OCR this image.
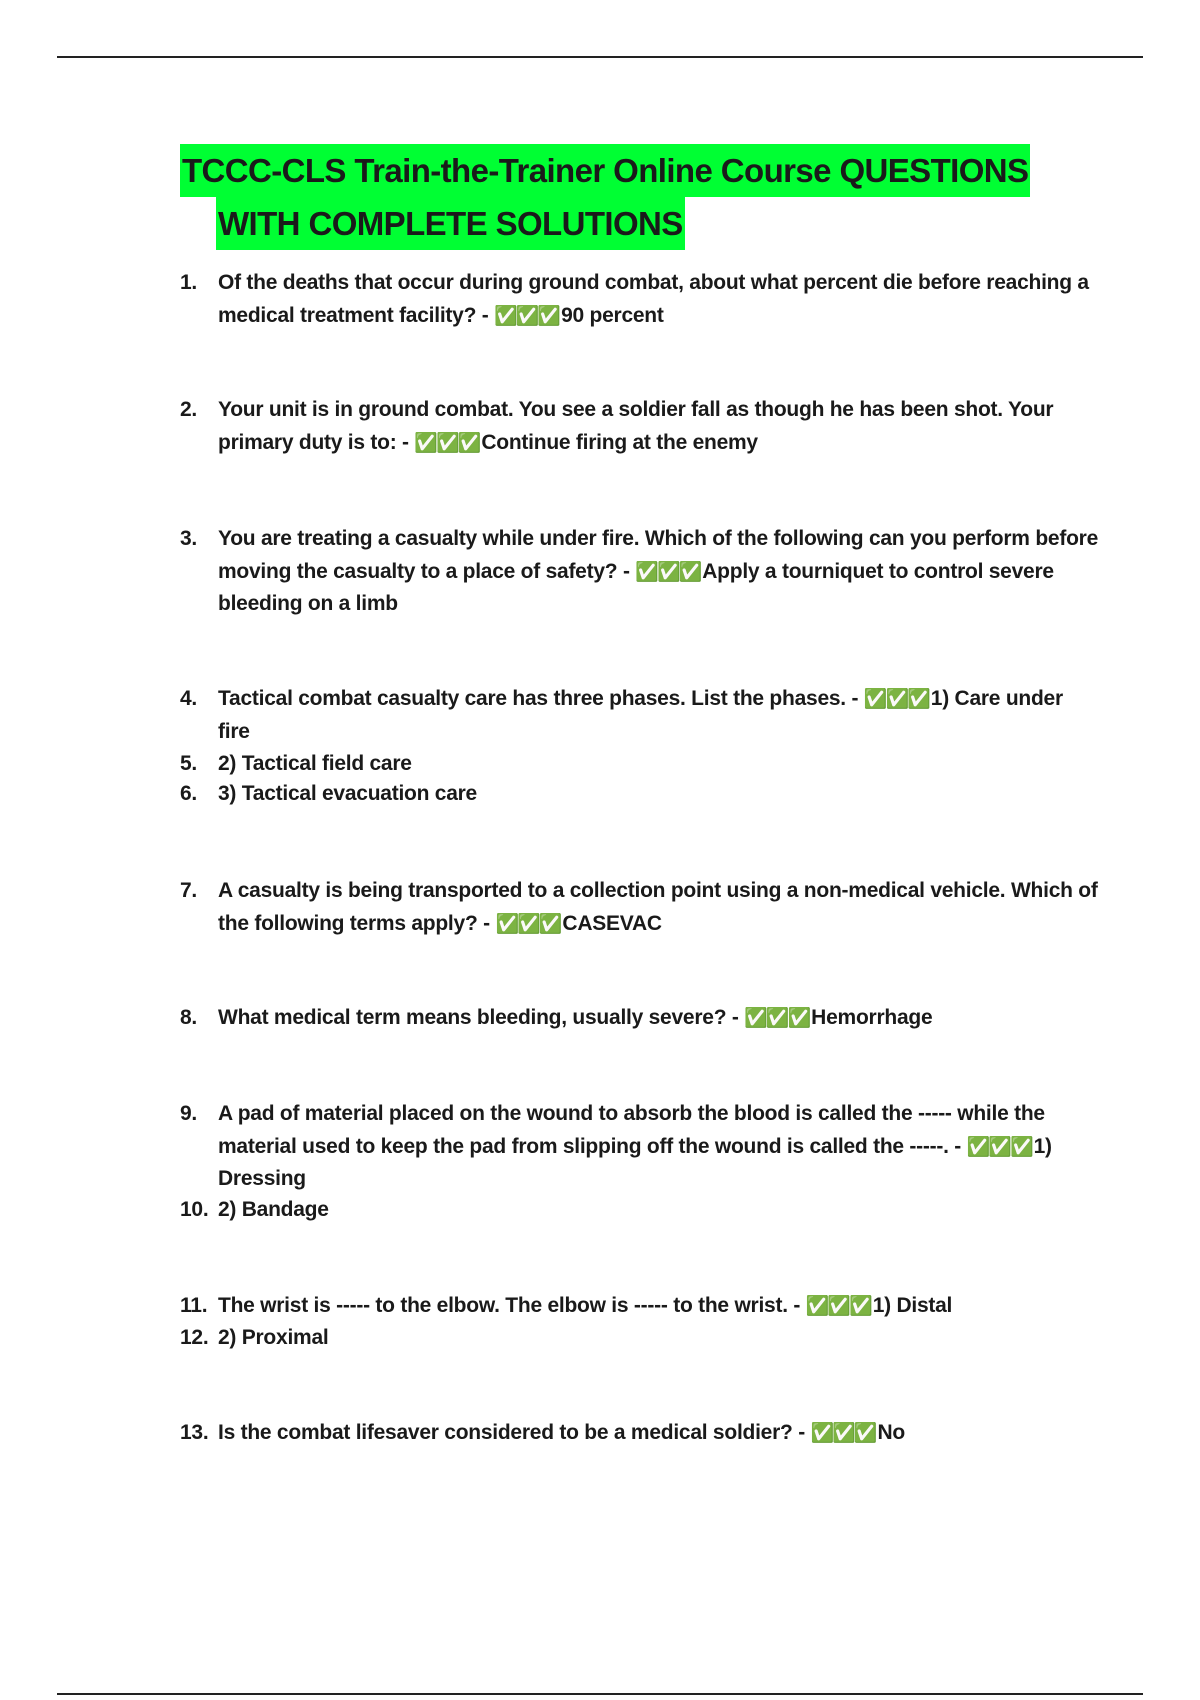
TCCC-CLS Train-the-Trainer Online Course QUESTIONS
WITH COMPLETE SOLUTIONS

1. Of the deaths that occur during ground combat, about what percent die before reaching a medical treatment facility? - ✅✅✅90 percent

2. Your unit is in ground combat. You see a soldier fall as though he has been shot. Your primary duty is to: - ✅✅✅Continue firing at the enemy

3. You are treating a casualty while under fire. Which of the following can you perform before moving the casualty to a place of safety? - ✅✅✅Apply a tourniquet to control severe bleeding on a limb

4. Tactical combat casualty care has three phases. List the phases. - ✅✅✅1) Care under fire

5. 2) Tactical field care

6. 3) Tactical evacuation care

7. A casualty is being transported to a collection point using a non-medical vehicle. Which of the following terms apply? - ✅✅✅CASEVAC

8. What medical term means bleeding, usually severe? - ✅✅✅Hemorrhage

9. A pad of material placed on the wound to absorb the blood is called the ----- while the material used to keep the pad from slipping off the wound is called the -----. - ✅✅✅1) Dressing

10. 2) Bandage

11. The wrist is ----- to the elbow. The elbow is ----- to the wrist. - ✅✅✅1) Distal

12. 2) Proximal

13. Is the combat lifesaver considered to be a medical soldier? - ✅✅✅No
